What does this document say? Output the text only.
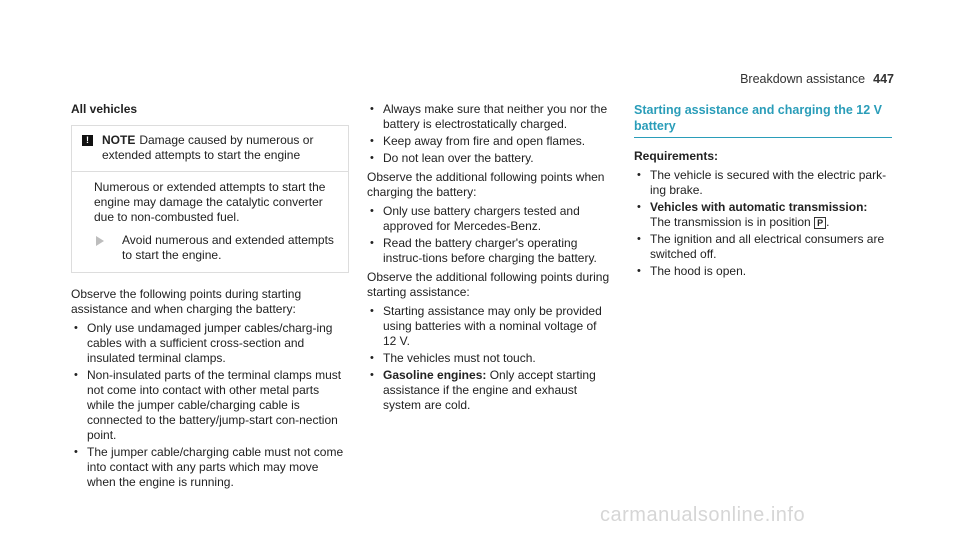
Breakdown assistance 447

All vehicles

!	NOTE Damage caused by numerous or extended attempts to start the engine
Numerous or extended attempts to start the engine may damage the catalytic converter due to non-combusted fuel.
Avoid numerous and extended attempts to start the engine.

Observe the following points during starting assistance and when charging the battery:

• Only use undamaged jumper cables/charg-ing cables with a sufficient cross-section and insulated terminal clamps.
• Non-insulated parts of the terminal clamps must not come into contact with other metal parts while the jumper cable/charging cable is connected to the battery/jump-start con-nection point.
• The jumper cable/charging cable must not come into contact with any parts which may move when the engine is running.
• Always make sure that neither you nor the battery is electrostatically charged.
• Keep away from fire and open flames.
• Do not lean over the battery.

Observe the additional following points when charging the battery:

• Only use battery chargers tested and approved for Mercedes-Benz.
• Read the battery charger's operating instruc-tions before charging the battery.

Observe the additional following points during starting assistance:

• Starting assistance may only be provided using batteries with a nominal voltage of 12 V.
• The vehicles must not touch.
• Gasoline engines: Only accept starting assistance if the engine and exhaust system are cold.
Starting assistance and charging the 12 V battery

Requirements:

• The vehicle is secured with the electric park-ing brake.
• Vehicles with automatic transmission:
The transmission is in position P .
• The ignition and all electrical consumers are switched off.
• The hood is open.
carmanualsonline.info
